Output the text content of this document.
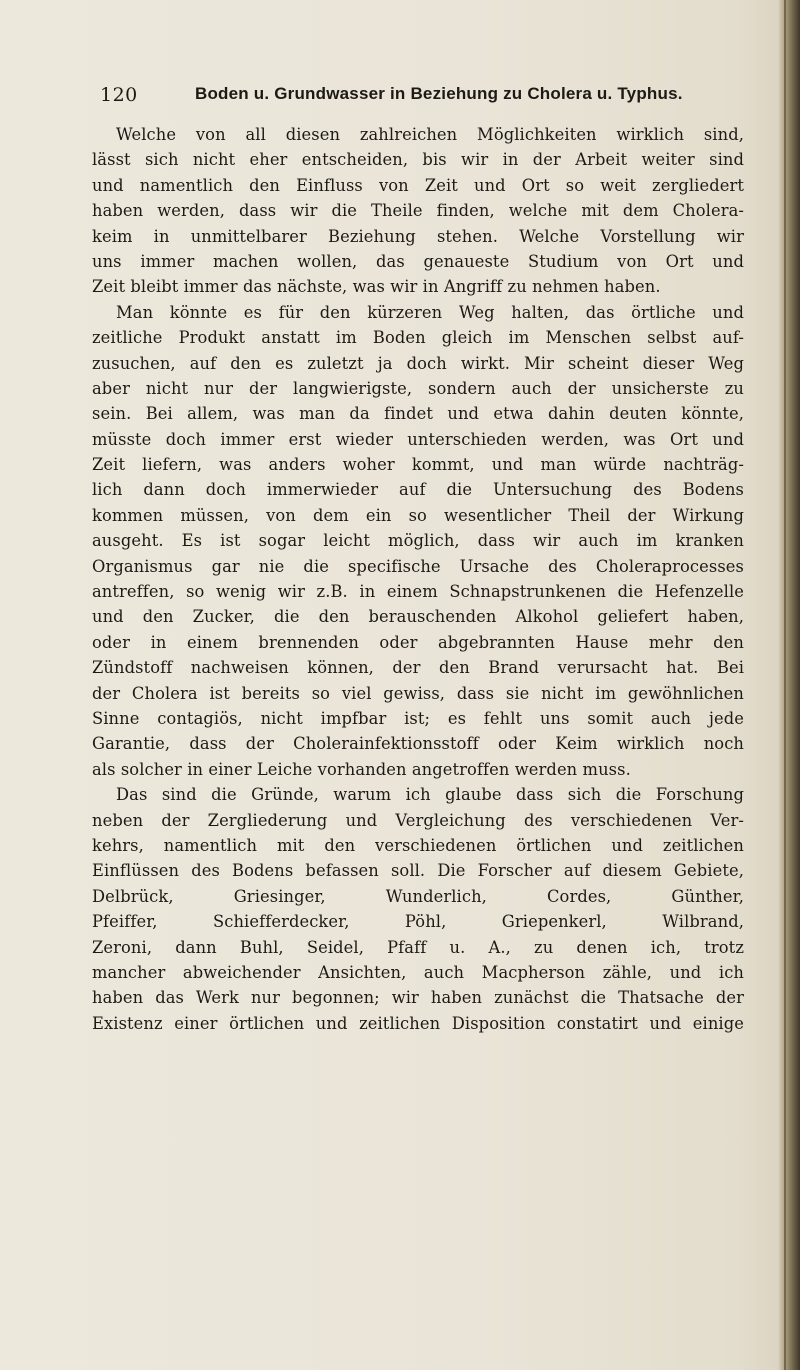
120	Boden u. Grundwasser in Beziehung zu Cholera u. Typhus.
Welche von all diesen zahlreichen Möglichkeiten wirklich sind,
lässt sich nicht eher entscheiden, bis wir in der Arbeit weiter sind
und namentlich den Einfluss von Zeit und Ort so weit zergliedert
haben werden, dass wir die Theile finden, welche mit dem Cholera-
keim in unmittelbarer Beziehung stehen. Welche Vorstellung wir
uns immer machen wollen, das genaueste Studium von Ort und
Zeit bleibt immer das nächste, was wir in Angriff zu nehmen haben.
Man könnte es für den kürzeren Weg halten, das örtliche und
zeitliche Produkt anstatt im Boden gleich im Menschen selbst auf-
zusuchen, auf den es zuletzt ja doch wirkt. Mir scheint dieser Weg
aber nicht nur der langwierigste, sondern auch der unsicherste zu
sein. Bei allem, was man da findet und etwa dahin deuten könnte,
müsste doch immer erst wieder unterschieden werden, was Ort und
Zeit liefern, was anders woher kommt, und man würde nachträg-
lich dann doch immerwieder auf die Untersuchung des Bodens
kommen müssen, von dem ein so wesentlicher Theil der Wirkung
ausgeht. Es ist sogar leicht möglich, dass wir auch im kranken
Organismus gar nie die specifische Ursache des Choleraprocesses
antreffen, so wenig wir z.B. in einem Schnapstrunkenen die Hefenzelle
und den Zucker, die den berauschenden Alkohol geliefert haben,
oder in einem brennenden oder abgebrannten Hause mehr den
Zündstoff nachweisen können, der den Brand verursacht hat. Bei
der Cholera ist bereits so viel gewiss, dass sie nicht im gewöhnlichen
Sinne contagiös, nicht impfbar ist; es fehlt uns somit auch jede
Garantie, dass der Cholerainfektionsstoff oder Keim wirklich noch
als solcher in einer Leiche vorhanden angetroffen werden muss.
Das sind die Gründe, warum ich glaube dass sich die Forschung
neben der Zergliederung und Vergleichung des verschiedenen Ver-
kehrs, namentlich mit den verschiedenen örtlichen und zeitlichen
Einflüssen des Bodens befassen soll. Die Forscher auf diesem Gebiete,
Delbrück, Griesinger, Wunderlich, Cordes, Günther,
Pfeiffer, Schiefferdecker, Pöhl, Griepenkerl, Wilbrand,
Zeroni, dann Buhl, Seidel, Pfaff u. A., zu denen ich, trotz
mancher abweichender Ansichten, auch Macpherson zähle, und ich
haben das Werk nur begonnen; wir haben zunächst die Thatsache der
Existenz einer örtlichen und zeitlichen Disposition constatirt und einige
